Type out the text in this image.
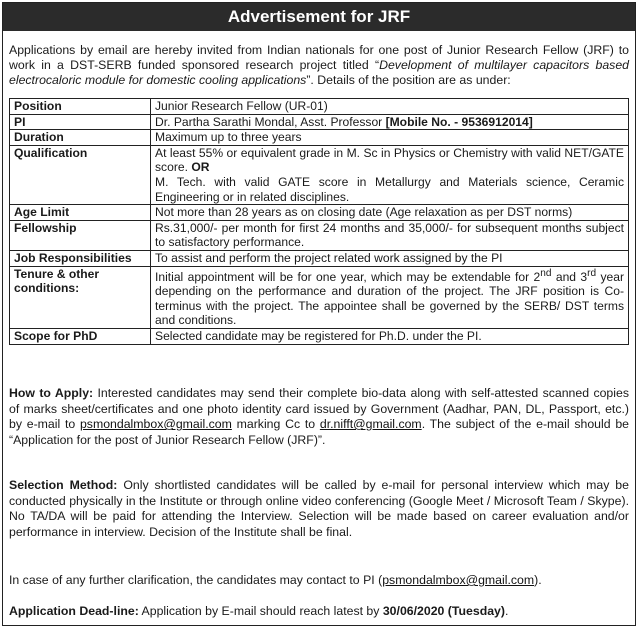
Advertisement for JRF
Applications by email are hereby invited from Indian nationals for one post of Junior Research Fellow (JRF) to work in a DST-SERB funded sponsored research project titled “Development of multilayer capacitors based electrocaloric module for domestic cooling applications”. Details of the position are as under:
Position	Junior Research Fellow (UR-01)
PI	Dr. Partha Sarathi Mondal, Asst. Professor [Mobile No. - 9536912014]
Duration	Maximum up to three years
Qualification	At least 55% or equivalent grade in M. Sc in Physics or Chemistry with valid NET/GATE score. OR
M. Tech. with valid GATE score in Metallurgy and Materials science, Ceramic Engineering or in related disciplines.
Age Limit	Not more than 28 years as on closing date (Age relaxation as per DST norms)
Fellowship	Rs.31,000/- per month for first 24 months and 35,000/- for subsequent months subject to satisfactory performance.
Job Responsibilities	To assist and perform the project related work assigned by the PI
Tenure & other conditions:	Initial appointment will be for one year, which may be extendable for 2nd and 3rd year depending on the performance and duration of the project. The JRF position is Co-terminus with the project. The appointee shall be governed by the SERB/ DST terms and conditions.
Scope for PhD	Selected candidate may be registered for Ph.D. under the PI.
How to Apply: Interested candidates may send their complete bio-data along with self-attested scanned copies of marks sheet/certificates and one photo identity card issued by Government (Aadhar, PAN, DL, Passport, etc.) by e-mail to psmondalmbox@gmail.com marking Cc to dr.nifft@gmail.com. The subject of the e-mail should be “Application for the post of Junior Research Fellow (JRF)”.
Selection Method: Only shortlisted candidates will be called by e-mail for personal interview which may be conducted physically in the Institute or through online video conferencing (Google Meet / Microsoft Team / Skype). No TA/DA will be paid for attending the Interview. Selection will be made based on career evaluation and/or performance in interview. Decision of the Institute shall be final.
In case of any further clarification, the candidates may contact to PI (psmondalmbox@gmail.com).
Application Dead-line: Application by E-mail should reach latest by 30/06/2020 (Tuesday).
